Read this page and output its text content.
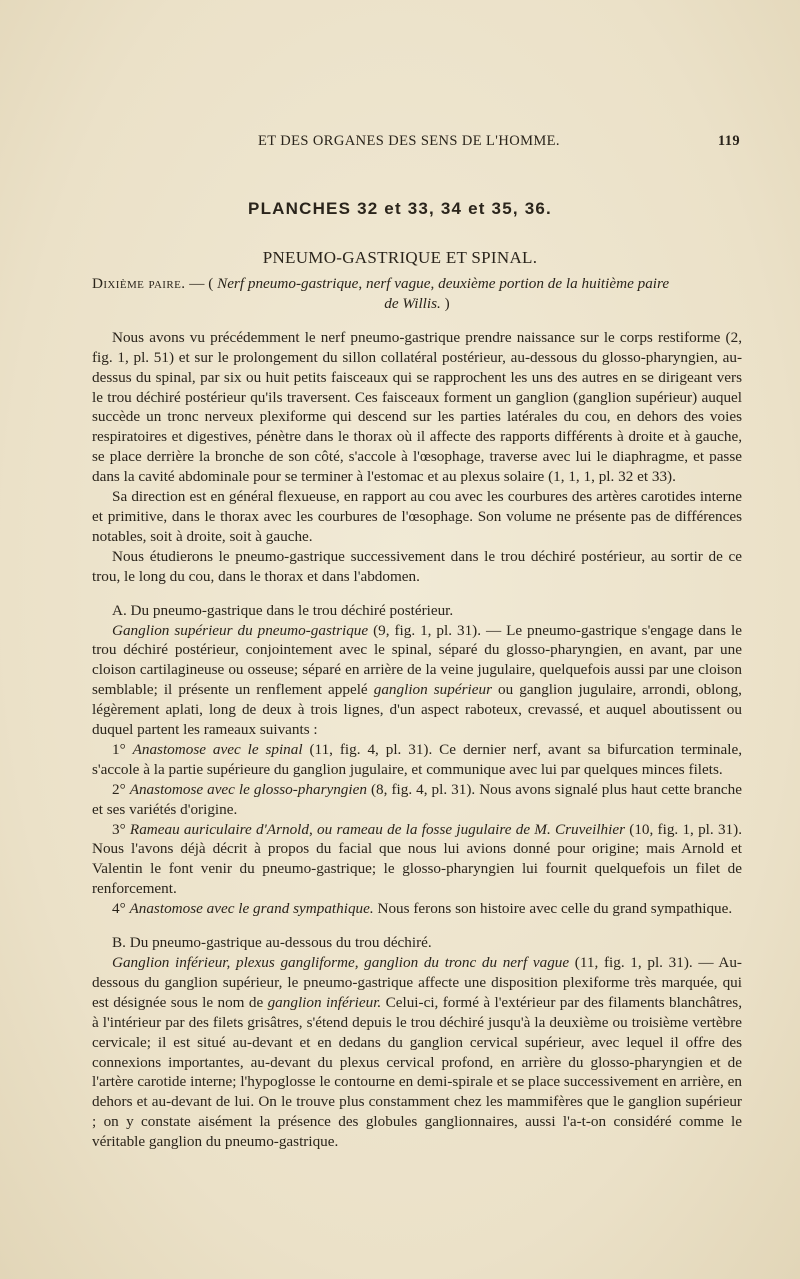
ET DES ORGANES DES SENS DE L'HOMME.	119
PLANCHES 32 et 33, 34 et 35, 36.
PNEUMO-GASTRIQUE ET SPINAL.

Dixième paire. — ( Nerf pneumo-gastrique, nerf vague, deuxième portion de la huitième paire

de Willis. )

Nous avons vu précédemment le nerf pneumo-gastrique prendre naissance sur le corps restiforme (2, fig. 1, pl. 51) et sur le prolongement du sillon collatéral postérieur, au-dessous du glosso-pharyngien, au-dessus du spinal, par six ou huit petits faisceaux qui se rapprochent les uns des autres en se dirigeant vers le trou déchiré postérieur qu'ils traversent. Ces faisceaux forment un ganglion (ganglion supérieur) auquel succède un tronc nerveux plexiforme qui descend sur les parties latérales du cou, en dehors des voies respiratoires et digestives, pénètre dans le thorax où il affecte des rapports différents à droite et à gauche, se place derrière la bronche de son côté, s'accole à l'œsophage, traverse avec lui le diaphragme, et passe dans la cavité abdominale pour se terminer à l'estomac et au plexus solaire (1, 1, 1, pl. 32 et 33).

Sa direction est en général flexueuse, en rapport au cou avec les courbures des artères carotides interne et primitive, dans le thorax avec les courbures de l'œsophage. Son volume ne présente pas de différences notables, soit à droite, soit à gauche.

Nous étudierons le pneumo-gastrique successivement dans le trou déchiré postérieur, au sortir de ce trou, le long du cou, dans le thorax et dans l'abdomen.

A. Du pneumo-gastrique dans le trou déchiré postérieur.

Ganglion supérieur du pneumo-gastrique (9, fig. 1, pl. 31). — Le pneumo-gastrique s'engage dans le trou déchiré postérieur, conjointement avec le spinal, séparé du glosso-pharyngien, en avant, par une cloison cartilagineuse ou osseuse; séparé en arrière de la veine jugulaire, quelquefois aussi par une cloison semblable; il présente un renflement appelé ganglion supérieur ou ganglion jugulaire, arrondi, oblong, légèrement aplati, long de deux à trois lignes, d'un aspect raboteux, crevassé, et auquel aboutissent ou duquel partent les rameaux suivants :

1° Anastomose avec le spinal (11, fig. 4, pl. 31). Ce dernier nerf, avant sa bifurcation terminale, s'accole à la partie supérieure du ganglion jugulaire, et communique avec lui par quelques minces filets.

2° Anastomose avec le glosso-pharyngien (8, fig. 4, pl. 31). Nous avons signalé plus haut cette branche et ses variétés d'origine.

3° Rameau auriculaire d'Arnold, ou rameau de la fosse jugulaire de M. Cruveilhier (10, fig. 1, pl. 31). Nous l'avons déjà décrit à propos du facial que nous lui avions donné pour origine; mais Arnold et Valentin le font venir du pneumo-gastrique; le glosso-pharyngien lui fournit quelquefois un filet de renforcement.

4° Anastomose avec le grand sympathique. Nous ferons son histoire avec celle du grand sympathique.

B. Du pneumo-gastrique au-dessous du trou déchiré.

Ganglion inférieur, plexus gangliforme, ganglion du tronc du nerf vague (11, fig. 1, pl. 31). — Au-dessous du ganglion supérieur, le pneumo-gastrique affecte une disposition plexiforme très marquée, qui est désignée sous le nom de ganglion inférieur. Celui-ci, formé à l'extérieur par des filaments blanchâtres, à l'intérieur par des filets grisâtres, s'étend depuis le trou déchiré jusqu'à la deuxième ou troisième vertèbre cervicale; il est situé au-devant et en dedans du ganglion cervical supérieur, avec lequel il offre des connexions importantes, au-devant du plexus cervical profond, en arrière du glosso-pharyngien et de l'artère carotide interne; l'hypoglosse le contourne en demi-spirale et se place successivement en arrière, en dehors et au-devant de lui. On le trouve plus constamment chez les mammifères que le ganglion supérieur ; on y constate aisément la présence des globules ganglionnaires, aussi l'a-t-on considéré comme le véritable ganglion du pneumo-gastrique.
